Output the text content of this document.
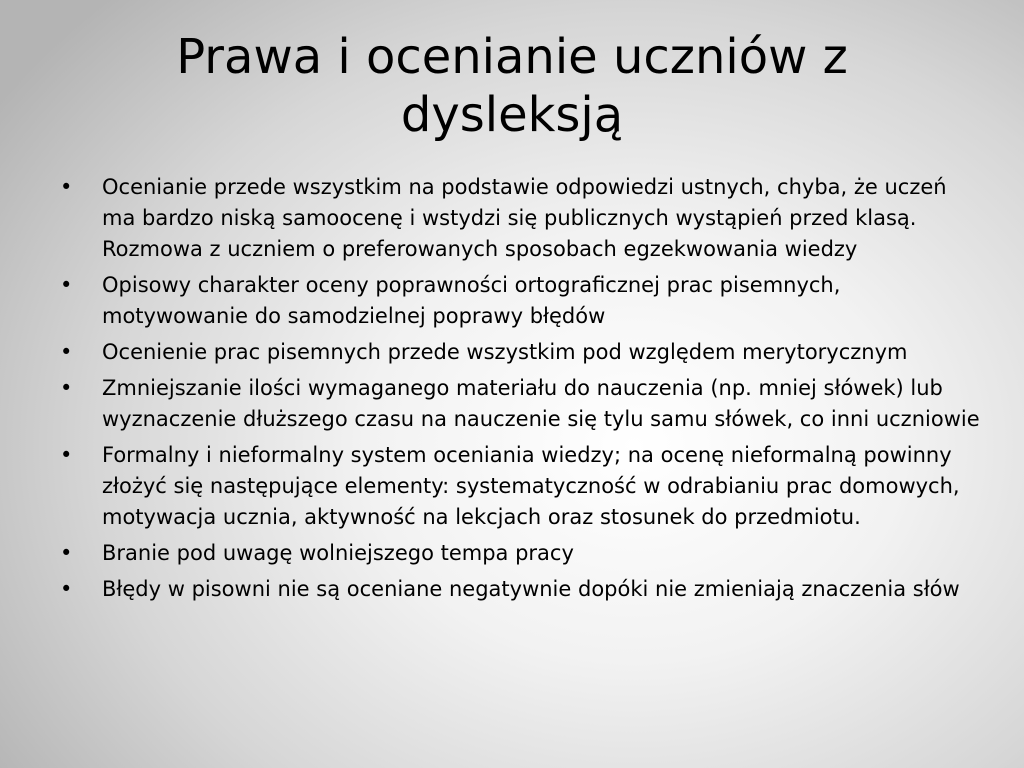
Prawa i ocenianie uczniów z dysleksją
• Ocenianie przede wszystkim na podstawie odpowiedzi ustnych, chyba, że uczeń ma bardzo niską samoocenę i wstydzi się publicznych wystąpień przed klasą. Rozmowa z uczniem o preferowanych sposobach egzekwowania wiedzy
• Opisowy charakter oceny poprawności ortograficznej prac pisemnych, motywowanie do samodzielnej poprawy błędów
• Ocenienie prac pisemnych przede wszystkim pod względem merytorycznym
• Zmniejszanie ilości wymaganego materiału do nauczenia (np. mniej słówek) lub wyznaczenie dłuższego czasu na nauczenie się tylu samu słówek, co inni uczniowie
• Formalny i nieformalny system oceniania wiedzy; na ocenę nieformalną powinny złożyć się następujące elementy: systematyczność w odrabianiu prac domowych, motywacja ucznia, aktywność na lekcjach oraz stosunek do przedmiotu.
• Branie pod uwagę wolniejszego tempa pracy
• Błędy w pisowni nie są oceniane negatywnie dopóki nie zmieniają znaczenia słów
